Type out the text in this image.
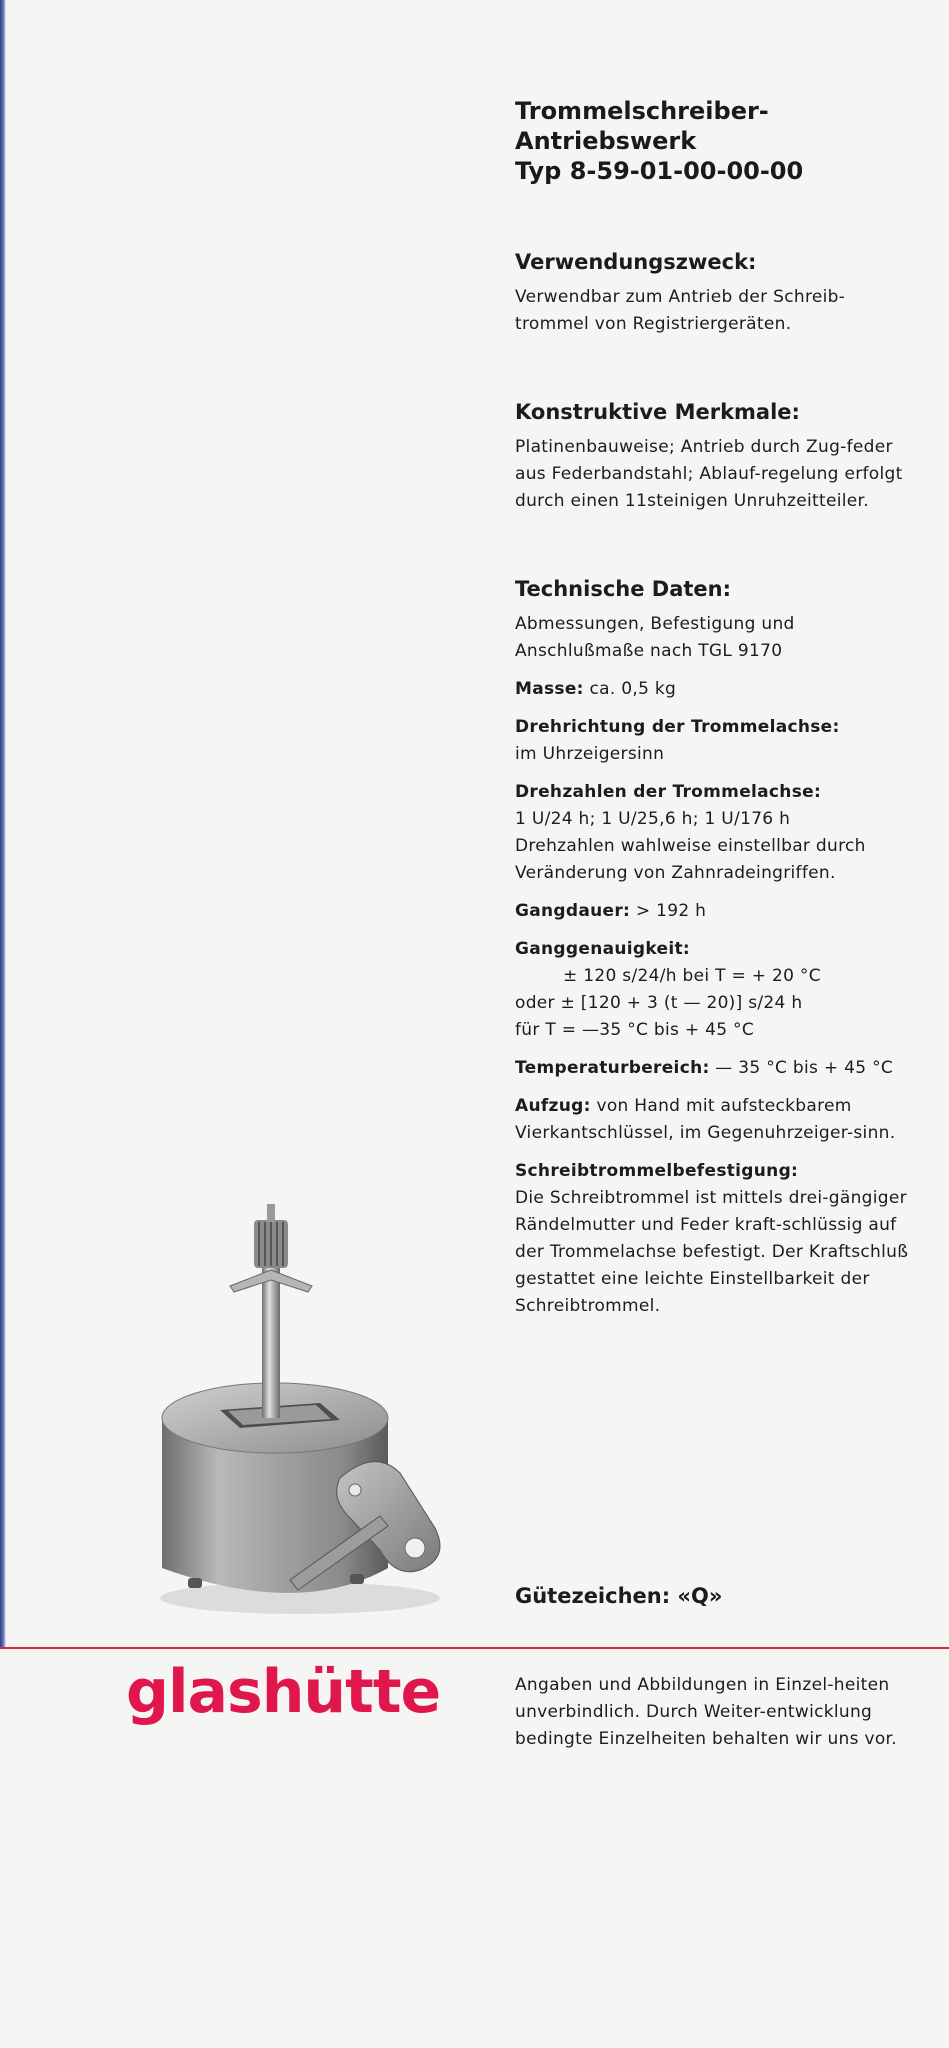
Trommelschreiber-
Antriebswerk
Typ 8-59-01-00-00-00
Verwendungszweck:

Verwendbar zum Antrieb der Schreib-trommel von Registriergeräten.

Konstruktive Merkmale:

Platinenbauweise; Antrieb durch Zug-feder aus Federbandstahl; Ablauf-regelung erfolgt durch einen 11steinigen Unruhzeitteiler.

Technische Daten:
Abmessungen, Befestigung und Anschlußmaße nach TGL 9170
Masse: ca. 0,5 kg
Drehrichtung der Trommelachse:
im Uhrzeigersinn
Drehzahlen der Trommelachse:
1 U/24 h; 1 U/25,6 h; 1 U/176 h
Drehzahlen wahlweise einstellbar durch Veränderung von Zahnradeingriffen.
Gangdauer: > 192 h
Ganggenauigkeit:
± 120 s/24/h bei T = + 20 °C
oder ± [120 + 3 (t — 20)] s/24 h
für T = —35 °C bis + 45 °C
Temperaturbereich: — 35 °C bis + 45 °C
Aufzug: von Hand mit aufsteckbarem Vierkantschlüssel, im Gegenuhrzeiger-sinn.
Schreibtrommelbefestigung:
Die Schreibtrommel ist mittels drei-gängiger Rändelmutter und Feder kraft-schlüssig auf der Trommelachse befestigt. Der Kraftschluß gestattet eine leichte Einstellbarkeit der Schreibtrommel.
Gütezeichen: «Q»
glashütte	Angaben und Abbildungen in Einzel-heiten unverbindlich. Durch Weiter-entwicklung bedingte Einzelheiten behalten wir uns vor.
